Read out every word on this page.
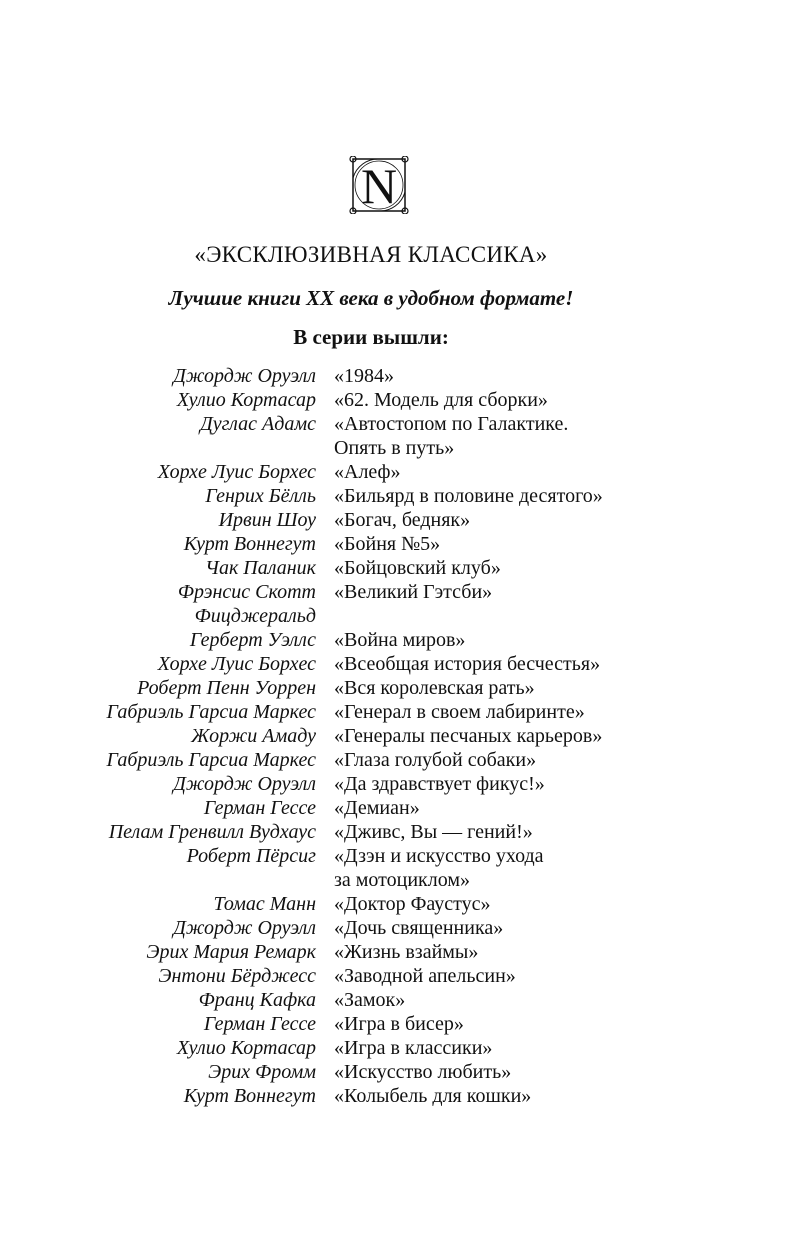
N
«ЭКСКЛЮЗИВНАЯ КЛАССИКА»
Лучшие книги XX века в удобном формате!
В серии вышли:
Джордж Оруэлл «1984»
Хулио Кортасар «62. Модель для сборки»
Дуглас Адамс «Автостопом по Галактике.
Опять в путь»
Хорхе Луис Борхес «Алеф»
Генрих Бёлль «Бильярд в половине десятого»
Ирвин Шоу «Богач, бедняк»
Курт Воннегут «Бойня №5»
Чак Паланик «Бойцовский клуб»
Фрэнсис Скотт
Фицджеральд
«Великий Гэтсби»
Герберт Уэллс «Война миров»
Хорхе Луис Борхес «Всеобщая история бесчестья»
Роберт Пенн Уоррен «Вся королевская рать»
Габриэль Гарсиа Маркес «Генерал в своем лабиринте»
Жоржи Амаду «Генералы песчаных карьеров»
Габриэль Гарсиа Маркес «Глаза голубой собаки»
Джордж Оруэлл «Да здравствует фикус!»
Герман Гессе «Демиан»
Пелам Гренвилл Вудхаус «Дживс, Вы — гений!»
Роберт Пёрсиг «Дзэн и искусство ухода
за мотоциклом»
Томас Манн «Доктор Фаустус»
Джордж Оруэлл «Дочь священника»
Эрих Мария Ремарк «Жизнь взаймы»
Энтони Бёрджесс «Заводной апельсин»
Франц Кафка «Замок»
Герман Гессе «Игра в бисер»
Хулио Кортасар «Игра в классики»
Эрих Фромм «Искусство любить»
Курт Воннегут «Колыбель для кошки»
